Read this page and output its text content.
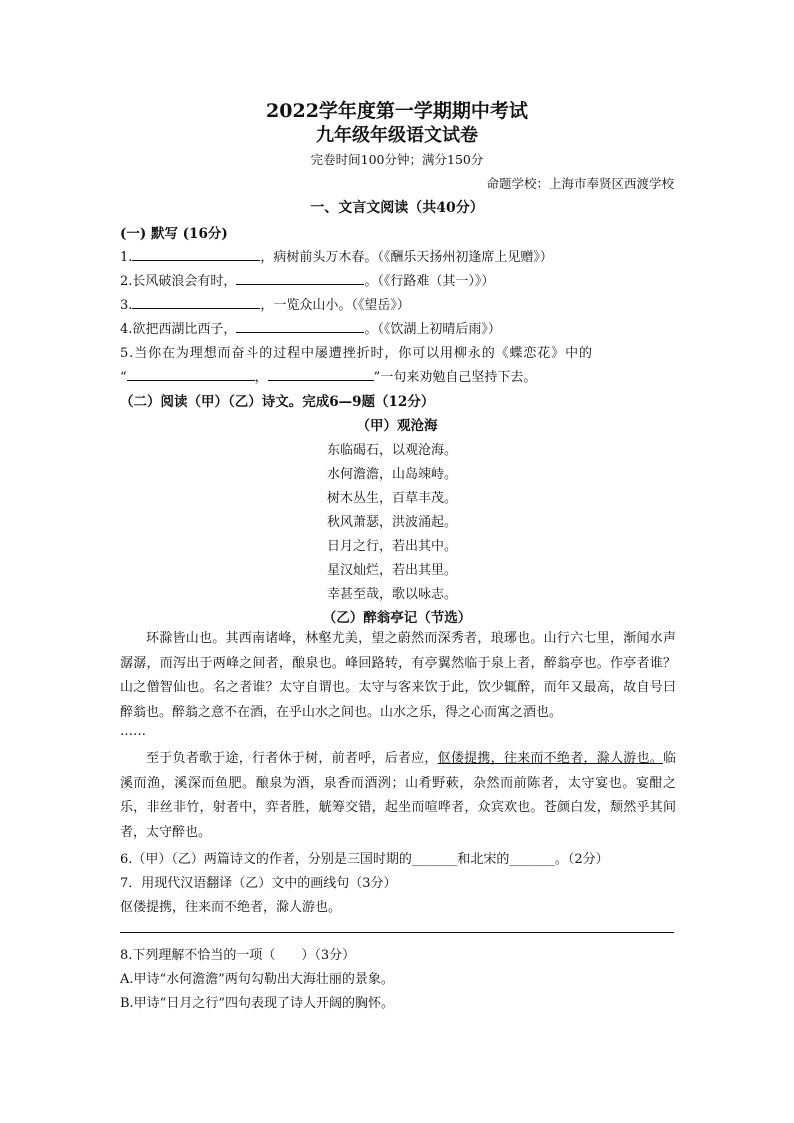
2022学年度第一学期期中考试
九年级年级语文试卷
完卷时间100分钟；满分150分
命题学校：上海市奉贤区西渡学校
一、文言文阅读（共40分）
(一) 默写 (16分)
1.	，病树前头万木春。（《酬乐天扬州初逢席上见赠》）
2.长风破浪会有时，	。（《行路难（其一）》）
3.	，一览众山小。（《望岳》）
4.欲把西湖比西子，	。（《饮湖上初晴后雨》）
5.当你在为理想而奋斗的过程中屡遭挫折时，你可以用柳永的《蝶恋花》中的
“	，	”一句来劝勉自己坚持下去。
（二）阅读（甲）（乙）诗文。完成6—9题（12分）
（甲）观沧海
东临碣石，以观沧海。
水何澹澹，山岛竦峙。
树木丛生，百草丰茂。
秋风萧瑟，洪波涌起。
日月之行，若出其中。
星汉灿烂，若出其里。
幸甚至哉，歌以咏志。
（乙）醉翁亭记（节选）

环滁皆山也。其西南诸峰，林壑尤美，望之蔚然而深秀者，琅琊也。山行六七里，渐闻水声潺潺，而泻出于两峰之间者，酿泉也。峰回路转，有亭翼然临于泉上者，醉翁亭也。作亭者谁？山之僧智仙也。名之者谁？太守自谓也。太守与客来饮于此，饮少辄醉，而年又最高，故自号曰醉翁也。醉翁之意不在酒，在乎山水之间也。山水之乐，得之心而寓之酒也。

……

至于负者歌于途，行者休于树，前者呼，后者应，伛偻提携，往来而不绝者，滁人游也。临溪而渔，溪深而鱼肥。酿泉为酒，泉香而酒洌；山肴野蔌，杂然而前陈者，太守宴也。宴酣之乐，非丝非竹，射者中，弈者胜，觥筹交错，起坐而喧哗者，众宾欢也。苍颜白发，颓然乎其间者，太守醉也。

6.（甲）（乙）两篇诗文的作者，分别是三国时期的_______和北宋的_______。（2分）
7．用现代汉语翻译（乙）文中的画线句（3分）
伛偻提携，往来而不绝者，滁人游也。
8.下列理解不恰当的一项（　　）（3分）
A.甲诗“水何澹澹”两句勾勒出大海壮丽的景象。
B.甲诗“日月之行”四句表现了诗人开阔的胸怀。
